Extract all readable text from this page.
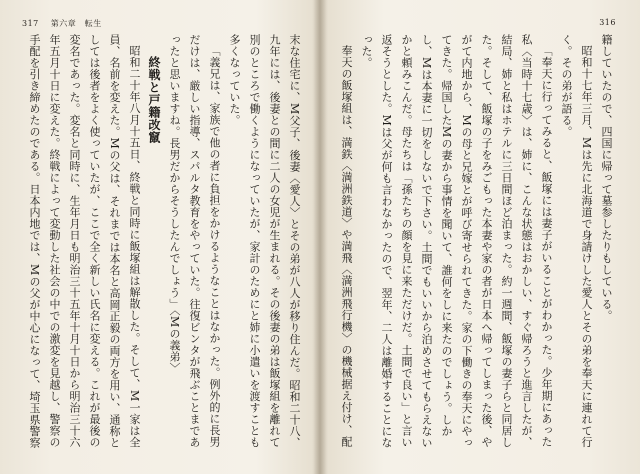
317 第六章　転生	316

籍していたので、四国に帰って墓参したりもしている。

昭和十七年三月、Mは先に北海道で身請けした愛人とその弟を奉天に連れて行く。その弟が語る。

「奉天に行ってみると、飯塚には妻子がいることがわかった。少年期にあった私〈当時十七歳〉は、姉に、こんな状態はおかしい、すぐ帰ろうと進言したが、結局、姉と私はホテルに三日間ほど泊まった。約一週間、飯塚の妻子らと同居した。そして、飯塚の子をみごもった本妻や家の者が日本へ帰ってしまった後、やがて内地から、Mの母と兄嫁とが呼び寄せられてきた。家の下働きの奉天にやってきた。帰国したMの妻から事情を聞いて、誰何をしに来たのでしょう。しかし、Mは本妻に一切をしないで下さい。土間でもいいから泊めさせてもらえないかと頼みこんだ。母たちは「孫たちの顔を見に来ただけだ。土間で良い」と言い返そうとした。Mは父が何も言わなかったので、翌年、二人は離婚することになった。

奉天の飯塚組は、満鉄〈満洲鉄道〉や満飛〈満洲飛行機〉の機械据え付け、配

末な住宅に、M父子、後妻〈愛人〉とその弟が八人が移り住んだ。昭和二十八、九年には、後妻との間に二人の女児が生まれる。その後妻の弟は飯塚組を離れて別のところで働くようになっていたが、家計のためにと姉に小遣いを渡すことも多くなっていた。

「義兄は、家族で他の者に負担をかけるようなことはなかった。例外的に長男だけは、厳しい指導、スパルタ教育をやっていた。往復ビンタが飛ぶことまであったと思いますね。長男だからそうしたんでしょう」〈Mの義弟〉

終戦と戸籍改竄

昭和二十年八月十五日、終戦と同時に飯塚組は解散した。そして、M一家は全員、名前を変えた。Mの父は、それまでは本名と高岡正毅の両方を用い、通称としては後者をよく使っていたが、ここで全く新しい氏名に変える。これが最後の変名であった。変名と同時に、生年月日も明治三十五年十月十日から明治三十六年五月十日に変えた。終戦によって変動した社会の中での激変を見越し、警察の手配を引き締めたのである。日本内地では、Mの父が中心になって、埼玉県警察
